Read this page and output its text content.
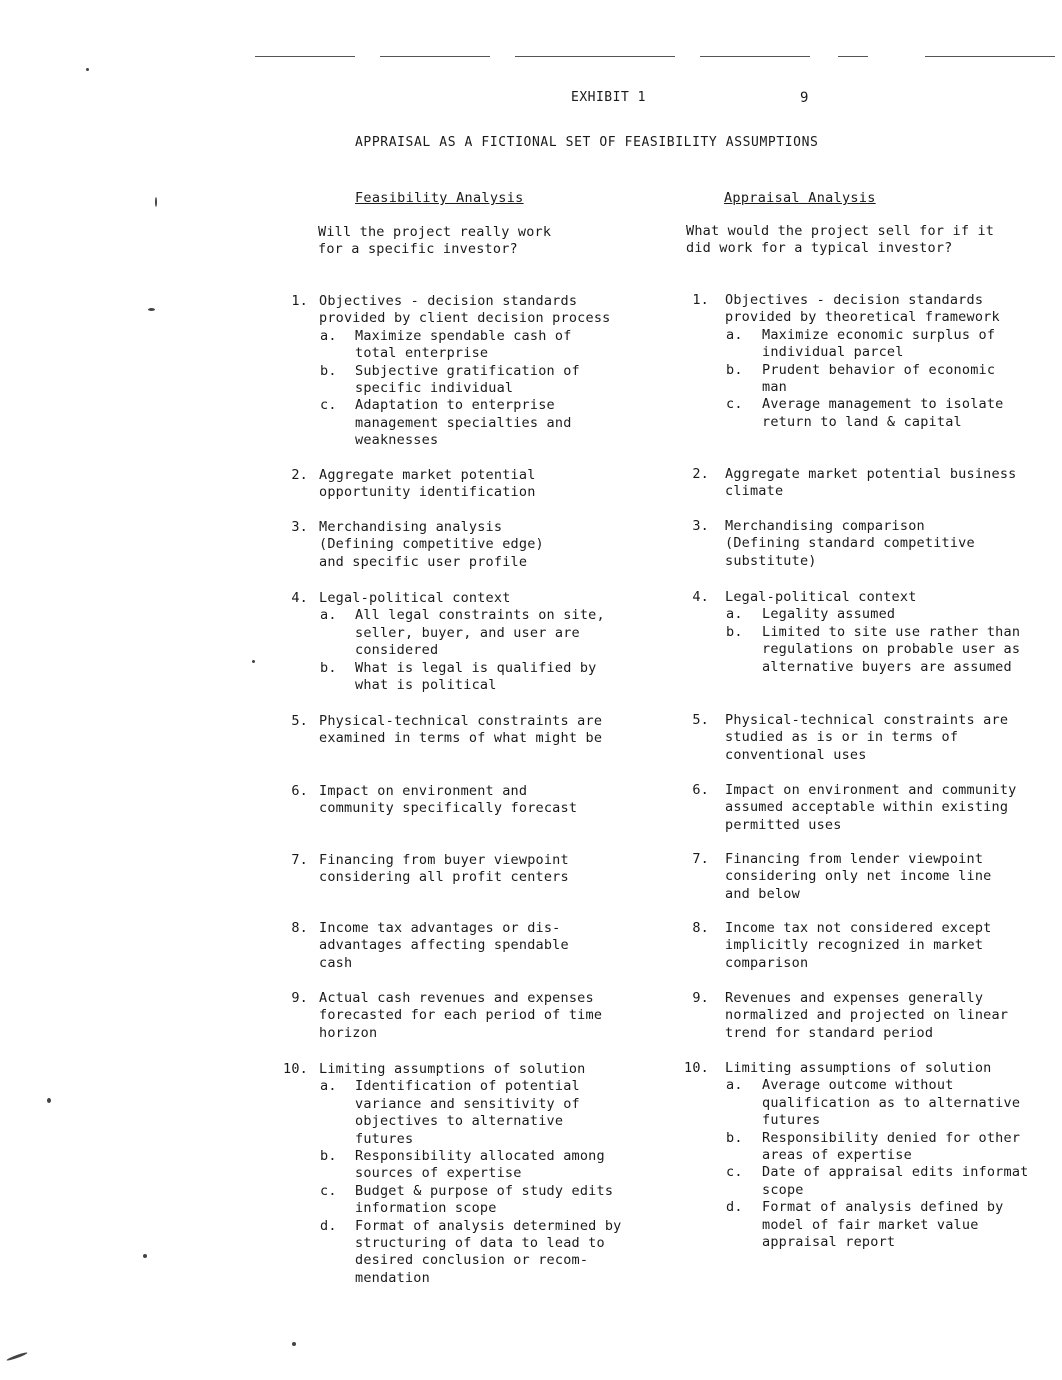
EXHIBIT 1	9
APPRAISAL AS A FICTIONAL SET OF FEASIBILITY ASSUMPTIONS
Feasibility Analysis
Will the project really work
for a specific investor?
1. Objectives - decision standards
provided by client decision process
a. Maximize spendable cash of
total enterprise
b. Subjective gratification of
specific individual
c. Adaptation to enterprise
management specialties and
weaknesses
2. Aggregate market potential
opportunity identification
3. Merchandising analysis
(Defining competitive edge)
and specific user profile
4. Legal-political context
a. All legal constraints on site,
seller, buyer, and user are
considered
b. What is legal is qualified by
what is political
5. Physical-technical constraints are
examined in terms of what might be
6. Impact on environment and
community specifically forecast
7. Financing from buyer viewpoint
considering all profit centers
8. Income tax advantages or dis-
advantages affecting spendable
cash
9. Actual cash revenues and expenses
forecasted for each period of time
horizon
10. Limiting assumptions of solution
a. Identification of potential
variance and sensitivity of
objectives to alternative
futures
b. Responsibility allocated among
sources of expertise
c. Budget & purpose of study edits
information scope
d. Format of analysis determined by
structuring of data to lead to
desired conclusion or recom-
mendation
Appraisal Analysis
What would the project sell for if it
did work for a typical investor?
1. Objectives - decision standards
provided by theoretical framework
a. Maximize economic surplus of
individual parcel
b. Prudent behavior of economic
man
c. Average management to isolate
return to land & capital
2. Aggregate market potential business
climate
3. Merchandising comparison
(Defining standard competitive
substitute)
4. Legal-political context
a. Legality assumed
b. Limited to site use rather than
regulations on probable user as
alternative buyers are assumed
5. Physical-technical constraints are
studied as is or in terms of
conventional uses
6. Impact on environment and community
assumed acceptable within existing
permitted uses
7. Financing from lender viewpoint
considering only net income line
and below
8. Income tax not considered except
implicitly recognized in market
comparison
9. Revenues and expenses generally
normalized and projected on linear
trend for standard period
10. Limiting assumptions of solution
a. Average outcome without
qualification as to alternative
futures
b. Responsibility denied for other
areas of expertise
c. Date of appraisal edits informat
scope
d. Format of analysis defined by
model of fair market value
appraisal report
